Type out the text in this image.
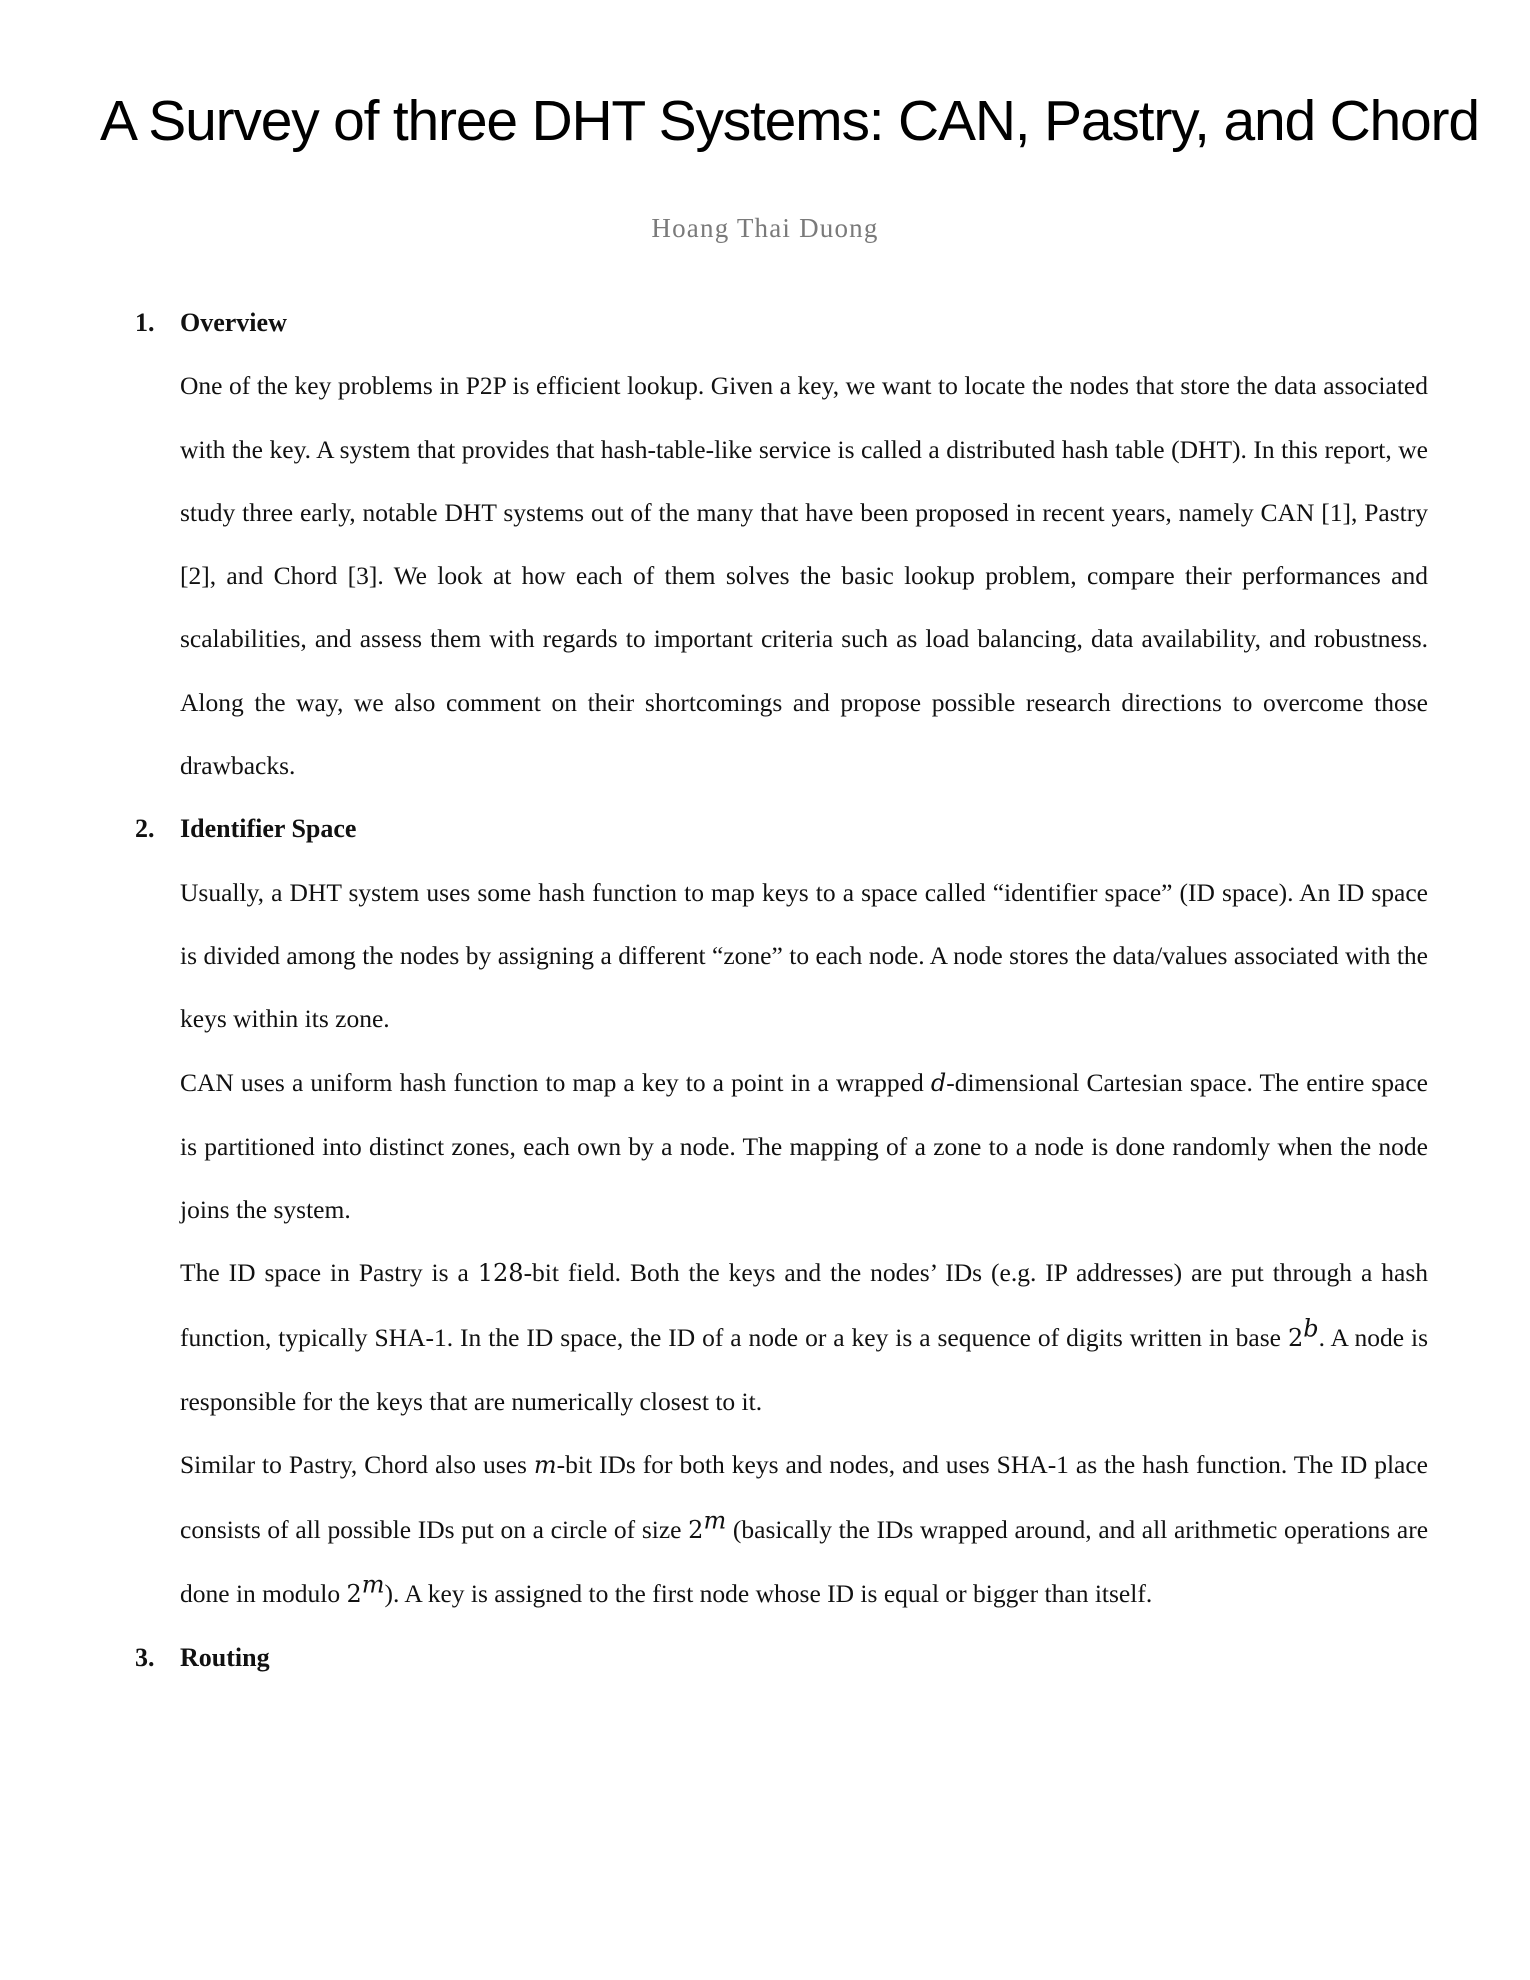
A Survey of three DHT Systems: CAN, Pastry, and Chord
Hoang Thai Duong
1. Overview

One of the key problems in P2P is efficient lookup. Given a key, we want to locate the nodes that store the data associated with the key. A system that provides that hash-table-like service is called a distributed hash table (DHT). In this report, we study three early, notable DHT systems out of the many that have been proposed in recent years, namely CAN [1], Pastry [2], and Chord [3]. We look at how each of them solves the basic lookup problem, compare their performances and scalabilities, and assess them with regards to important criteria such as load balancing, data availability, and robustness. Along the way, we also comment on their shortcomings and propose possible research directions to overcome those drawbacks.

2. Identifier Space

Usually, a DHT system uses some hash function to map keys to a space called “identifier space” (ID space). An ID space is divided among the nodes by assigning a different “zone” to each node. A node stores the data/values associated with the keys within its zone.

CAN uses a uniform hash function to map a key to a point in a wrapped d-dimensional Cartesian space. The entire space is partitioned into distinct zones, each own by a node. The mapping of a zone to a node is done randomly when the node joins the system.

The ID space in Pastry is a 128-bit field. Both the keys and the nodes’ IDs (e.g. IP addresses) are put through a hash function, typically SHA-1. In the ID space, the ID of a node or a key is a sequence of digits written in base 2$^b$. A node is responsible for the keys that are numerically closest to it.

Similar to Pastry, Chord also uses m-bit IDs for both keys and nodes, and uses SHA-1 as the hash function. The ID place consists of all possible IDs put on a circle of size 2$^m$ (basically the IDs wrapped around, and all arithmetic operations are done in modulo 2$^m$). A key is assigned to the first node whose ID is equal or bigger than itself.

3. Routing
